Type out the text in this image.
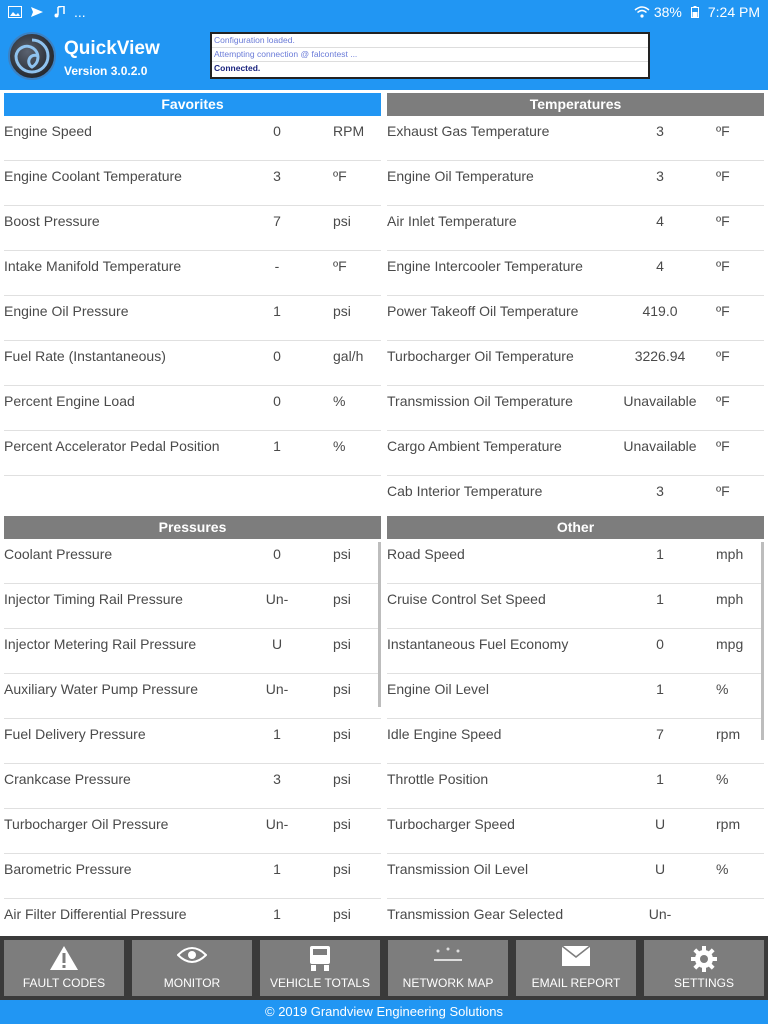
...	38% 7:24 PM
QuickView
Version 3.0.2.0
Configuration loaded.
Attempting connection @ falcontest ...
Connected.
Favorites
Engine Speed	0	RPM
Engine Coolant Temperature	3	ºF
Boost Pressure	7	psi
Intake Manifold Temperature	-	ºF
Engine Oil Pressure	1	psi
Fuel Rate (Instantaneous)	0	gal/h
Percent Engine Load	0	%
Percent Accelerator Pedal Position	1	%
Temperatures
Exhaust Gas Temperature	3	ºF
Engine Oil Temperature	3	ºF
Air Inlet Temperature	4	ºF
Engine Intercooler Temperature	4	ºF
Power Takeoff Oil Temperature	419.0	ºF
Turbocharger Oil Temperature	3226.94	ºF
Transmission Oil Temperature	Unavailable ºF
Cargo Ambient Temperature	Unavailable ºF
Cab Interior Temperature	3	ºF
Pressures
Coolant Pressure	0	psi
Injector Timing Rail Pressure	Un-	psi
Injector Metering Rail Pressure	U	psi
Auxiliary Water Pump Pressure	Un-	psi
Fuel Delivery Pressure	1	psi
Crankcase Pressure	3	psi
Turbocharger Oil Pressure	Un-	psi
Barometric Pressure	1	psi
Air Filter Differential Pressure	1	psi
Other
Road Speed	1	mph
Cruise Control Set Speed	1	mph
Instantaneous Fuel Economy	0	mpg
Engine Oil Level	1	%
Idle Engine Speed	7	rpm
Throttle Position	1	%
Turbocharger Speed	U	rpm
Transmission Oil Level	U	%
Transmission Gear Selected	Un-
FAULT CODES	MONITOR	VEHICLE TOTALS	NETWORK MAP	EMAIL REPORT	SETTINGS
© 2019 Grandview Engineering Solutions
